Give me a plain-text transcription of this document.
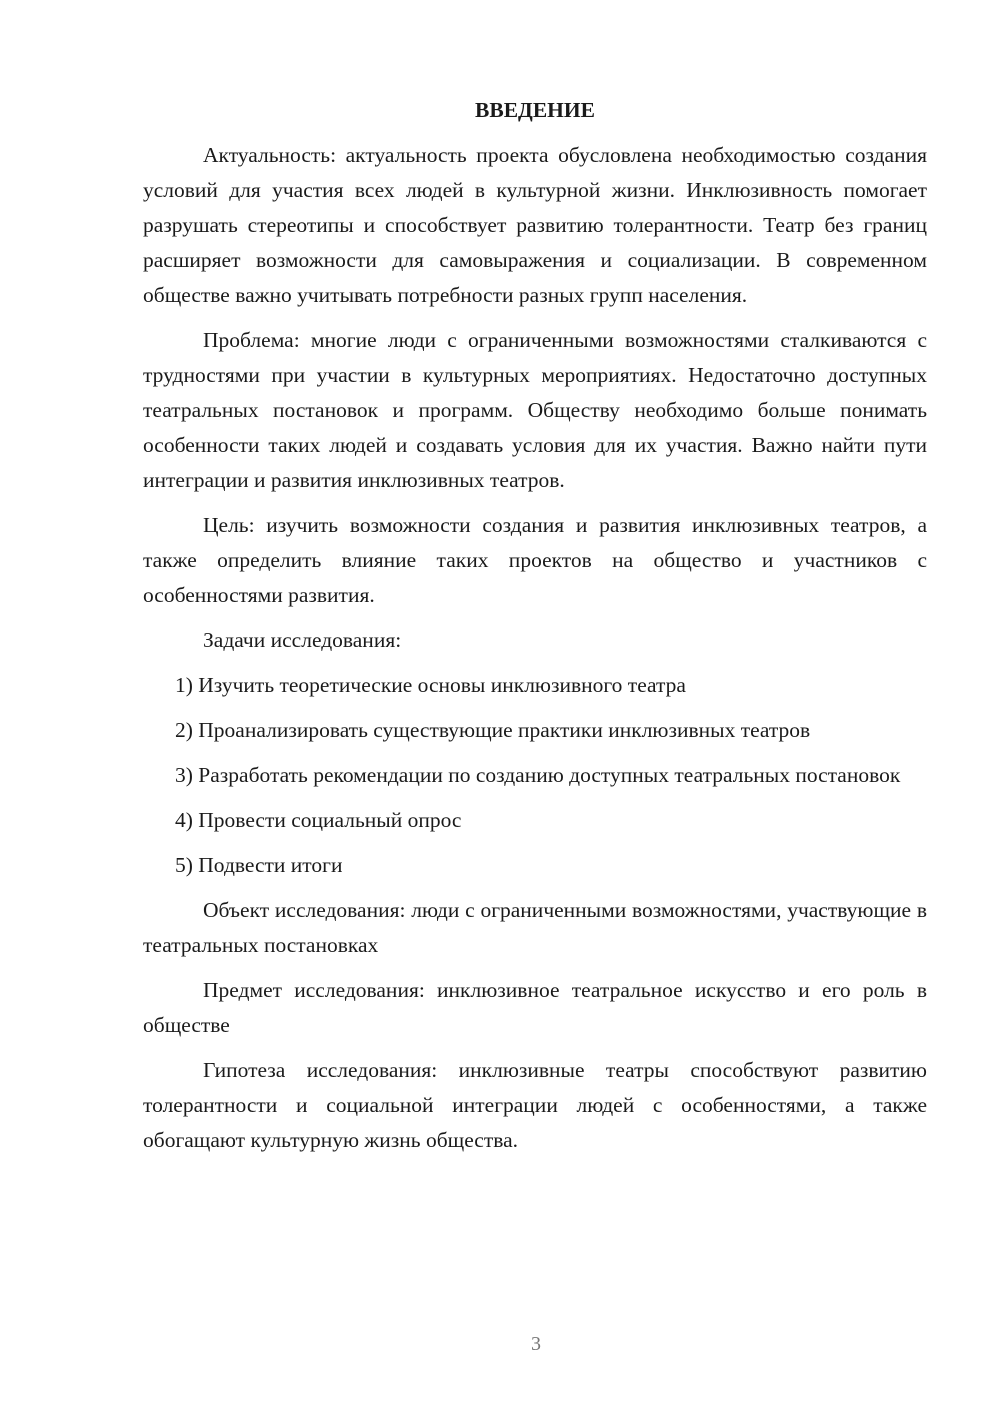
ВВЕДЕНИЕ

Актуальность: актуальность проекта обусловлена необходимостью создания условий для участия всех людей в культурной жизни. Инклюзивность помогает разрушать стереотипы и способствует развитию толерантности. Театр без границ расширяет возможности для самовыражения и социализации. В современном обществе важно учитывать потребности разных групп населения.

Проблема: многие люди с ограниченными возможностями сталкиваются с трудностями при участии в культурных мероприятиях. Недостаточно доступных театральных постановок и программ. Обществу необходимо больше понимать особенности таких людей и создавать условия для их участия. Важно найти пути интеграции и развития инклюзивных театров.

Цель: изучить возможности создания и развития инклюзивных театров, а также определить влияние таких проектов на общество и участников с особенностями развития.

Задачи исследования:

1) Изучить теоретические основы инклюзивного театра

2) Проанализировать существующие практики инклюзивных театров

3) Разработать рекомендации по созданию доступных театральных постановок

4) Провести социальный опрос

5) Подвести итоги

Объект исследования: люди с ограниченными возможностями, участвующие в театральных постановках

Предмет исследования: инклюзивное театральное искусство и его роль в обществе

Гипотеза исследования: инклюзивные театры способствуют развитию толерантности и социальной интеграции людей с особенностями, а также обогащают культурную жизнь общества.

3
